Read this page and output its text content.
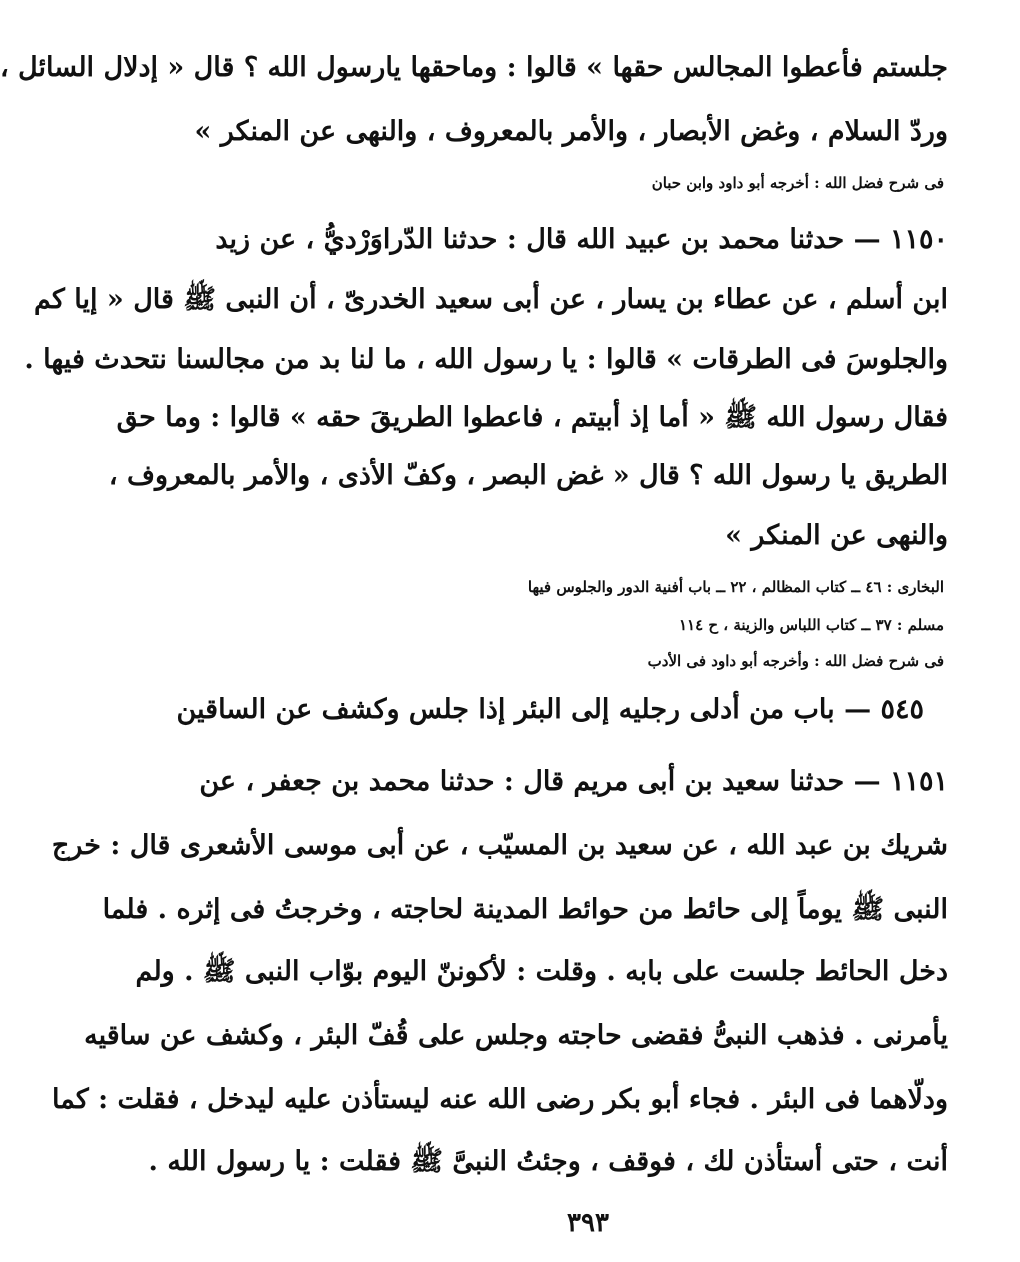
جلستم فأعطوا المجالس حقها » قالوا : وماحقها يارسول الله ؟ قال « إدلال السائل ،
وردّ السلام ، وغض الأبصار ، والأمر بالمعروف ، والنهى عن المنكر »
فى شرح فضل الله : أخرجه أبو داود وابن حبان
١١٥٠ — حدثنا محمد بن عبيد الله قال : حدثنا الدّراوَرْديُّ ، عن زيد
ابن أسلم ، عن عطاء بن يسار ، عن أبى سعيد الخدرىّ ، أن النبى ﷺ قال « إيا كم
والجلوسَ فى الطرقات » قالوا : يا رسول الله ، ما لنا بد من مجالسنا نتحدث فيها .
فقال رسول الله ﷺ « أما إذ أبيتم ، فاعطوا الطريقَ حقه » قالوا : وما حق
الطريق يا رسول الله ؟ قال « غض البصر ، وكفّ الأذى ، والأمر بالمعروف ،
والنهى عن المنكر »
البخارى : ٤٦ ــ كتاب المظالم ، ٢٢ ــ باب أفنية الدور والجلوس فيها
مسلم : ٣٧ ــ كتاب اللباس والزينة ، ح ١١٤
فى شرح فضل الله : وأخرجه أبو داود فى الأدب
٥٤٥ — باب من أدلى رجليه إلى البئر إذا جلس وكشف عن الساقين
١١٥١ — حدثنا سعيد بن أبى مريم قال : حدثنا محمد بن جعفر ، عن
شريك بن عبد الله ، عن سعيد بن المسيّب ، عن أبى موسى الأشعرى قال : خرج
النبى ﷺ يوماً إلى حائط من حوائط المدينة لحاجته ، وخرجتُ فى إثره . فلما
دخل الحائط جلست على بابه . وقلت : لأكوننّ اليوم بوّاب النبى ﷺ . ولم
يأمرنى . فذهب النبىُّ فقضى حاجته وجلس على قُفّ البئر ، وكشف عن ساقيه
ودلّاهما فى البئر . فجاء أبو بكر رضى الله عنه ليستأذن عليه ليدخل ، فقلت : كما
أنت ، حتى أستأذن لك ، فوقف ، وجئتُ النبىَّ ﷺ فقلت : يا رسول الله .
٣٩٣
